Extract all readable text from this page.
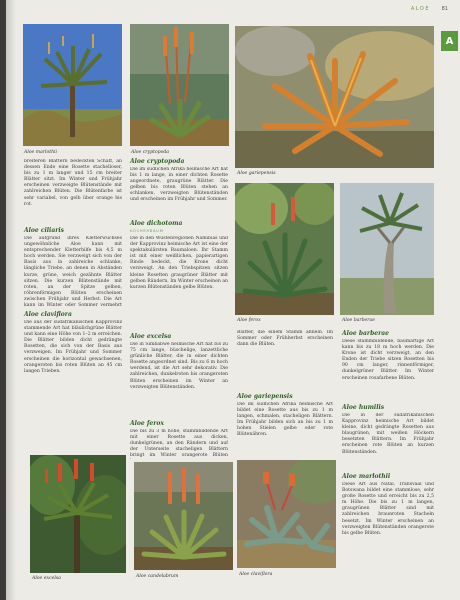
ALOE 81
A
Aloe marlothii	Aloe cryptopoda
Aloe gariepensis
Aloe ferox	Aloe barberae
Aloe excelsa	Aloe candelabrum	Aloe claviflora
breiteren Blättern bedeckten Schaft, an dessen Ende eine Rosette stachelloser, bis zu 1 m langer und 15 cm breiter Blätter sitzt. Im Winter und Frühjahr erscheinen verzweigte Blütenstände mit zahlreichen Blüten. Die Blütenfarbe ist sehr variabel, von gelb über orange bis rot.
Aloe ciliaris
Die aufgrund ihres Kletterwuchses ungewöhnliche Aloe kann mit entsprechender Kletterhilfe bis 4,5 m hoch werden. Sie verzweigt sich von der Basis aus in zahlreiche schlanke, längliche Triebe, an denen in Abständen kurze, grüne, weich gezähnte Blätter sitzen. Die kurzen Blütenstände mit roten, an der Spitze gelben, röhrenförmigen Blüten erscheinen zwischen Frühjahr und Herbst. Die Art kann im Winter oder Sommer vermehrt
Aloe claviflora
Die aus der südafrikanischen Kapprovinz stammende Art hat bläulichgrüne Blätter und kann eine Höhe von 1–2 m erreichen. Die Blätter bilden dicht gedrängte Rosetten, die sich von der Basis aus verzweigen. Im Frühjahr und Sommer erscheinen die horizontal gewachsenen, orangeroten bis roten Blüten an 45 cm langen Trieben.
Aloe cryptopoda
Die im südlichen Afrika heimische Art hat bis 1 m lange, in einer dichten Rosette angeordnete, graugrüne Blätter. Die gelben bis roten Blüten stehen an schlanken, verzweigten Blütenständen und erscheinen im Frühjahr und Sommer.
Aloe dichotoma
KÖCHERBAUM
Die in den Wüstenregionen Namibias und der Kapprovinz heimische Art ist eine der spektakulärsten Baumaloen. Ihr Stamm ist mit einer weißlichen, papierartigen Rinde bedeckt, die Krone dicht verzweigt. An den Triebspitzen sitzen kleine Rosetten graugrüner Blätter mit gelben Rändern. Im Winter erscheinen an kurzen Blütenständen gelbe Blüten.
Aloe excelsa
Die in Simbabwe heimische Art hat bis zu 75 cm lange, büschelige, lanzettliche grünliche Blätter, die in einer dichten Rosette angeordnet sind. Bis zu 6 m hoch werdend, ist die Art sehr dekorativ. Die zahlreichen, dunkelroten bis orangeroten Blüten erscheinen im Winter an verzweigten Blütenständen.
Aloe ferox
Die bis zu 3 m hohe, stammbildende Art mit einer Rosette aus dicken, dunkelgrünen, an den Rändern und auf der Unterseite stacheligen Blättern bringt im Winter orangerote Blüten
Blätter, die einem Stamm ähneln. Im Sommer oder Frühherbst erscheinen dann die Blüten.
Aloe gariepensis
Die im südlichen Afrika heimische Art bildet eine Rosette aus bis zu 1 m langen, schmalen, stacheligen Blättern. Im Frühjahr bilden sich an bis zu 1 m hohen Stielen gelbe oder rote Blütenähren.
Aloe barberae
Diese stammbildende, baumartige Art kann bis zu 18 m hoch werden. Die Krone ist dicht verzweigt, an den Enden der Triebe sitzen Rosetten bis 90 cm langer, rinnenförmiger, dunkelgrüner Blätter. Im Winter erscheinen rosafarbene Blüten.
Aloe humilis
Die in der südafrikanischen Kapprovinz heimische Art bildet kleine, dicht gedrängte Rosetten aus blaugrünen, mit weißen Höckern besetzten Blättern. Im Frühjahr erscheinen rote Blüten an kurzen Blütenständen.
Aloe marlothii
Diese Art aus Natal, Transvaal und Botswana bildet eine stammlose, sehr große Rosette und erreicht bis zu 2,5 m Höhe. Die bis zu 1 m langen, graugrünen Blätter sind mit zahlreichen braunroten Stacheln besetzt. Im Winter erscheinen an verzweigten Blütenständen orangerote bis gelbe Blüten.
